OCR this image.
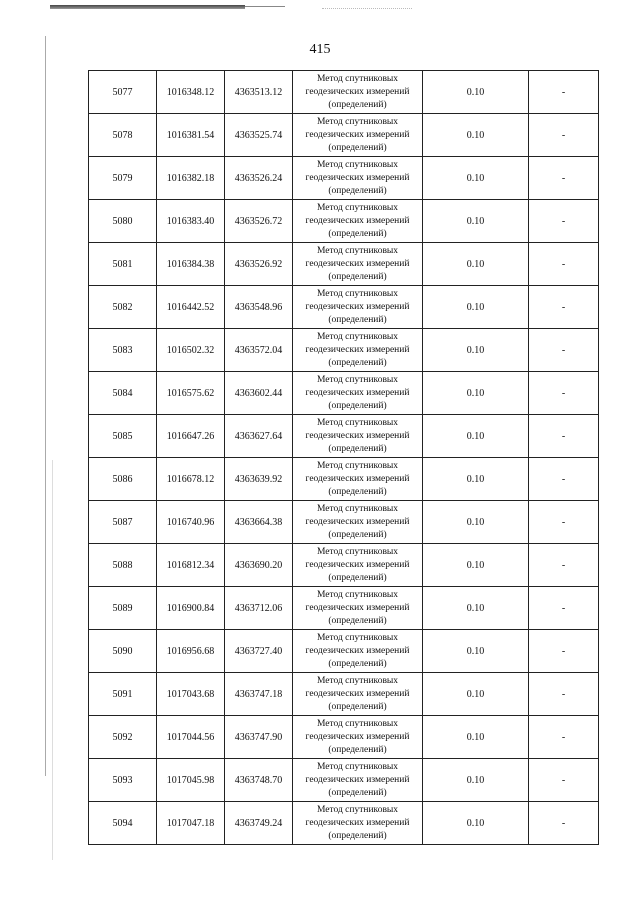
415
5077	1016348.12	4363513.12	Метод спутниковых
геодезических измерений
(определений)	0.10	-
5078	1016381.54	4363525.74	Метод спутниковых
геодезических измерений
(определений)	0.10	-
5079	1016382.18	4363526.24	Метод спутниковых
геодезических измерений
(определений)	0.10	-
5080	1016383.40	4363526.72	Метод спутниковых
геодезических измерений
(определений)	0.10	-
5081	1016384.38	4363526.92	Метод спутниковых
геодезических измерений
(определений)	0.10	-
5082	1016442.52	4363548.96	Метод спутниковых
геодезических измерений
(определений)	0.10	-
5083	1016502.32	4363572.04	Метод спутниковых
геодезических измерений
(определений)	0.10	-
5084	1016575.62	4363602.44	Метод спутниковых
геодезических измерений
(определений)	0.10	-
5085	1016647.26	4363627.64	Метод спутниковых
геодезических измерений
(определений)	0.10	-
5086	1016678.12	4363639.92	Метод спутниковых
геодезических измерений
(определений)	0.10	-
5087	1016740.96	4363664.38	Метод спутниковых
геодезических измерений
(определений)	0.10	-
5088	1016812.34	4363690.20	Метод спутниковых
геодезических измерений
(определений)	0.10	-
5089	1016900.84	4363712.06	Метод спутниковых
геодезических измерений
(определений)	0.10	-
5090	1016956.68	4363727.40	Метод спутниковых
геодезических измерений
(определений)	0.10	-
5091	1017043.68	4363747.18	Метод спутниковых
геодезических измерений
(определений)	0.10	-
5092	1017044.56	4363747.90	Метод спутниковых
геодезических измерений
(определений)	0.10	-
5093	1017045.98	4363748.70	Метод спутниковых
геодезических измерений
(определений)	0.10	-
5094	1017047.18	4363749.24	Метод спутниковых
геодезических измерений
(определений)	0.10	-
